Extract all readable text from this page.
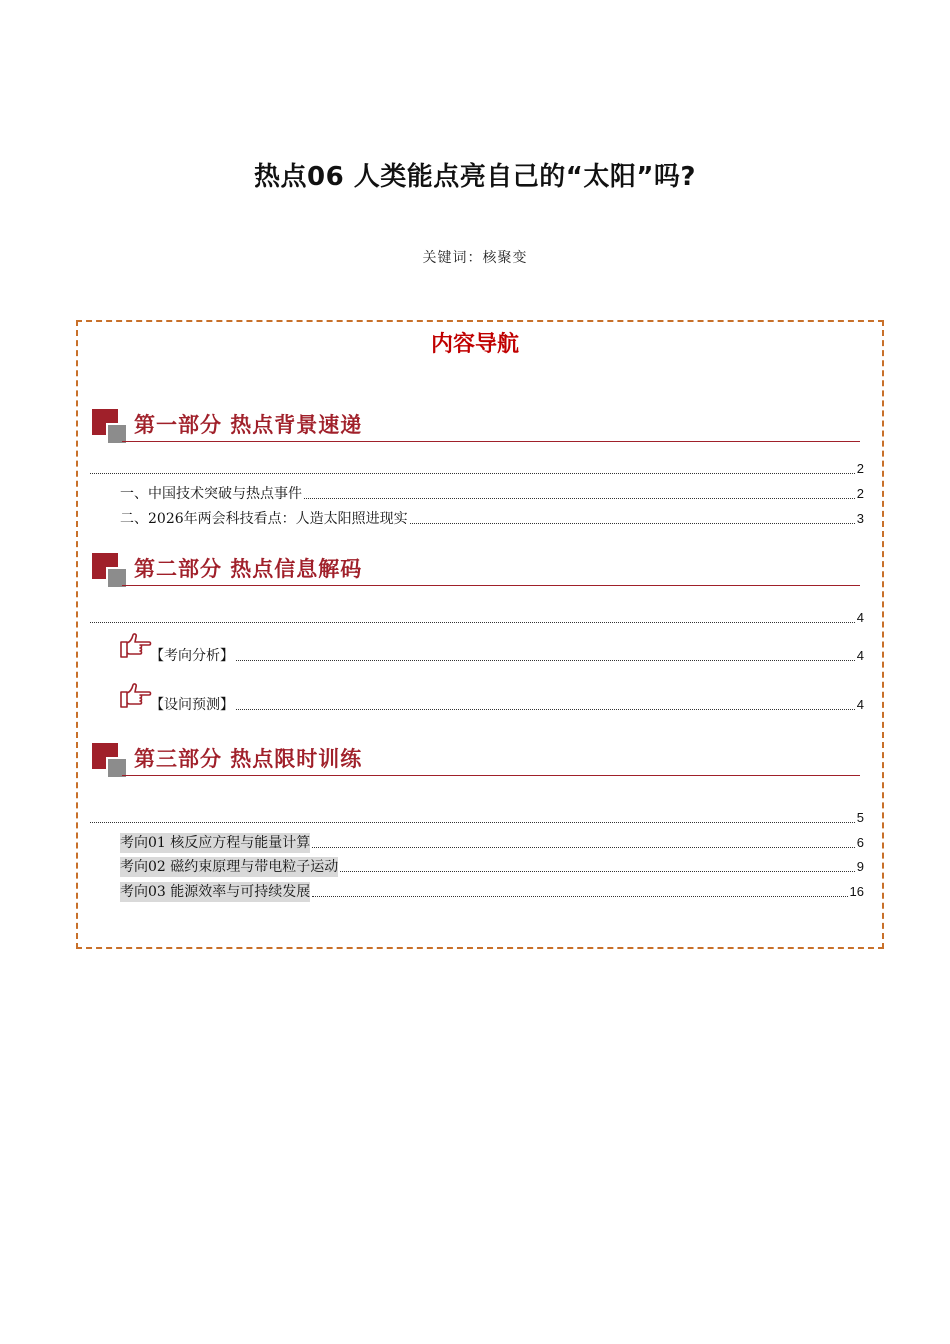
热点06 人类能点亮自己的“太阳”吗?
关键词：核聚变
内容导航
第一部分 热点背景速递
2
一、中国技术突破与热点事件	2
二、2026年两会科技看点：人造太阳照进现实	3
第二部分 热点信息解码
4
【考向分析】	4
【设问预测】	4
第三部分 热点限时训练
5
考向01 核反应方程与能量计算	6
考向02 磁约束原理与带电粒子运动	9
考向03 能源效率与可持续发展	16
